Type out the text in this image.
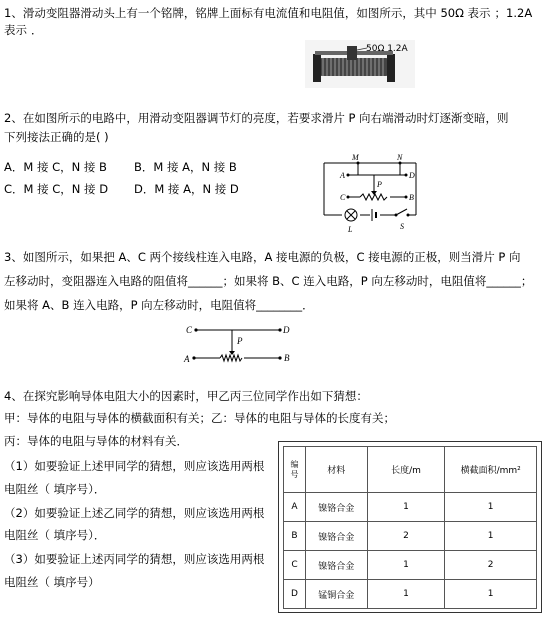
1、滑动变阻器滑动头上有一个铭牌，铭牌上面标有电流值和电阻值，如图所示，其中 50Ω 表示 ；1.2A
表示 ．
50Ω 1.2A
2、在如图所示的电路中，用滑动变阻器调节灯的亮度，若要求滑片 P 向右端滑动时灯逐渐变暗，则
下列接法正确的是( )
A．M 接 C，N 接 B B．M 接 A，N 接 B
C．M 接 C，N 接 D D．M 接 A，N 接 D
M	N
A	D
C	B
P
L	S
3、如图所示，如果把 A、C 两个接线柱连入电路，A 接电源的负极，C 接电源的正极，则当滑片 P 向
左移动时，变阻器连入电路的阻值将______；如果将 B、C 连入电路，P 向左移动时，电阻值将______；
如果将 A、B 连入电路，P 向左移动时，电阻值将________．
C	D
A	B
P
4、在探究影响导体电阻大小的因素时，甲乙丙三位同学作出如下猜想：
甲：导体的电阻与导体的横截面积有关；乙：导体的电阻与导体的长度有关；
丙：导体的电阻与导体的材料有关．
（1）如要验证上述甲同学的猜想，则应该选用两根
电阻丝（ 填序号）．
（2）如要验证上述乙同学的猜想，则应该选用两根
电阻丝（ 填序号）．
（3）如要验证上述丙同学的猜想，则应该选用两根
电阻丝（ 填序号）
编号	材料	长度/m	横截面积/mm²
A	镍铬合金	1	1
B	镍铬合金	2	1
C	镍铬合金	1	2
D	锰铜合金	1	1
